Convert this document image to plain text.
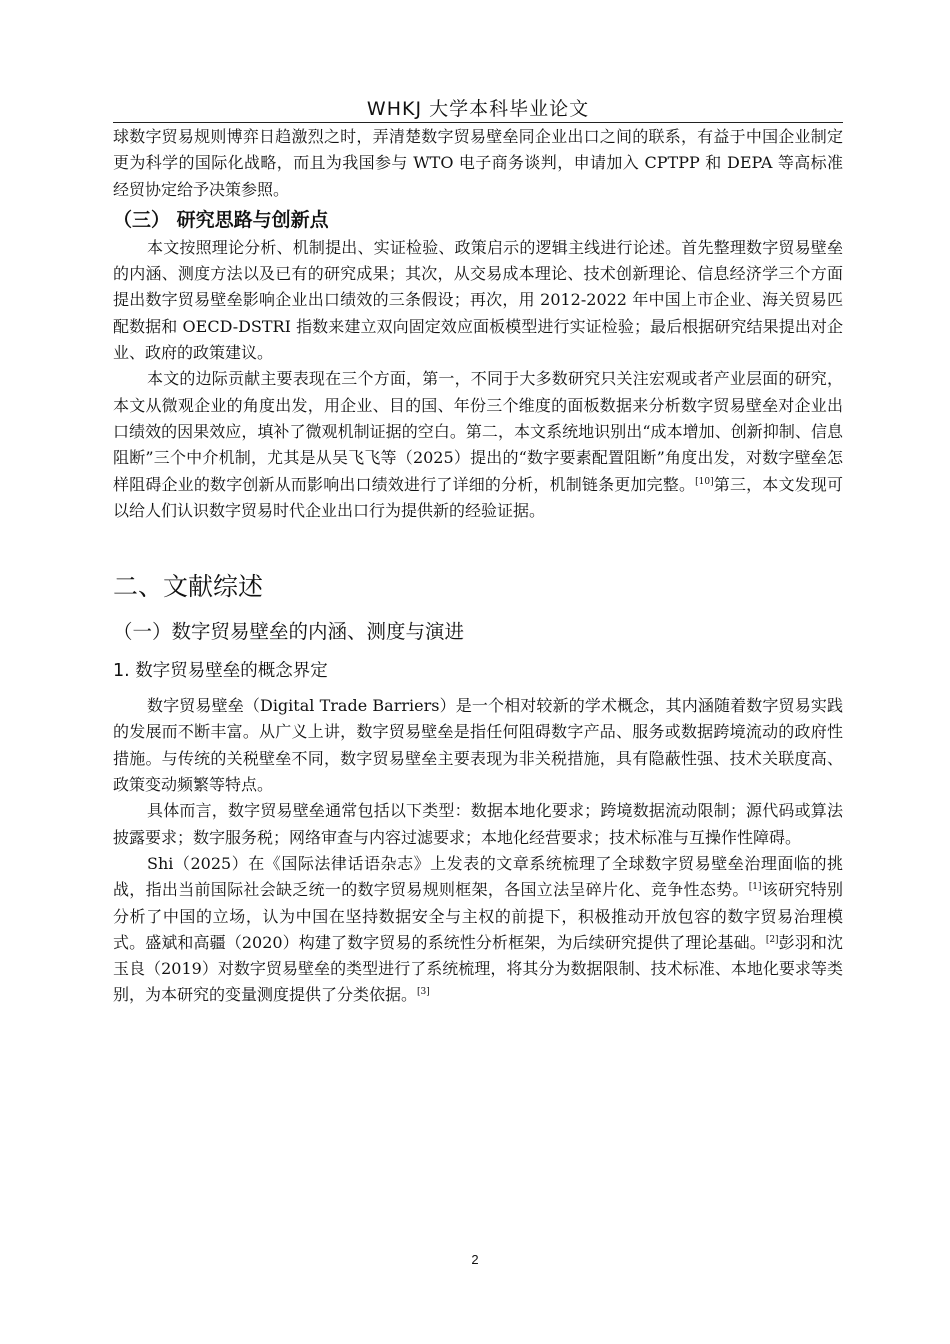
WHKJ 大学本科毕业论文

球数字贸易规则博弈日趋激烈之时，弄清楚数字贸易壁垒同企业出口之间的联系，有益于中国企业制定更为科学的国际化战略，而且为我国参与 WTO 电子商务谈判，申请加入 CPTPP 和 DEPA 等高标准经贸协定给予决策参照。

（三） 研究思路与创新点

本文按照理论分析、机制提出、实证检验、政策启示的逻辑主线进行论述。首先整理数字贸易壁垒的内涵、测度方法以及已有的研究成果；其次，从交易成本理论、技术创新理论、信息经济学三个方面提出数字贸易壁垒影响企业出口绩效的三条假设；再次，用 2012-2022 年中国上市企业、海关贸易匹配数据和 OECD-DSTRI 指数来建立双向固定效应面板模型进行实证检验；最后根据研究结果提出对企业、政府的政策建议。

本文的边际贡献主要表现在三个方面，第一，不同于大多数研究只关注宏观或者产业层面的研究，本文从微观企业的角度出发，用企业、目的国、年份三个维度的面板数据来分析数字贸易壁垒对企业出口绩效的因果效应，填补了微观机制证据的空白。第二，本文系统地识别出“成本增加、创新抑制、信息阻断”三个中介机制，尤其是从吴飞飞等（2025）提出的“数字要素配置阻断”角度出发，对数字壁垒怎样阻碍企业的数字创新从而影响出口绩效进行了详细的分析，机制链条更加完整。[10]第三，本文发现可以给人们认识数字贸易时代企业出口行为提供新的经验证据。

二、文献综述
（一）数字贸易壁垒的内涵、测度与演进
1. 数字贸易壁垒的概念界定

数字贸易壁垒（Digital Trade Barriers）是一个相对较新的学术概念，其内涵随着数字贸易实践的发展而不断丰富。从广义上讲，数字贸易壁垒是指任何阻碍数字产品、服务或数据跨境流动的政府性措施。与传统的关税壁垒不同，数字贸易壁垒主要表现为非关税措施，具有隐蔽性强、技术关联度高、政策变动频繁等特点。

具体而言，数字贸易壁垒通常包括以下类型：数据本地化要求；跨境数据流动限制；源代码或算法披露要求；数字服务税；网络审查与内容过滤要求；本地化经营要求；技术标准与互操作性障碍。

Shi（2025）在《国际法律话语杂志》上发表的文章系统梳理了全球数字贸易壁垒治理面临的挑战，指出当前国际社会缺乏统一的数字贸易规则框架，各国立法呈碎片化、竞争性态势。[1]该研究特别分析了中国的立场，认为中国在坚持数据安全与主权的前提下，积极推动开放包容的数字贸易治理模式。盛斌和高疆（2020）构建了数字贸易的系统性分析框架，为后续研究提供了理论基础。[2]彭羽和沈玉良（2019）对数字贸易壁垒的类型进行了系统梳理，将其分为数据限制、技术标准、本地化要求等类别，为本研究的变量测度提供了分类依据。[3]

2
